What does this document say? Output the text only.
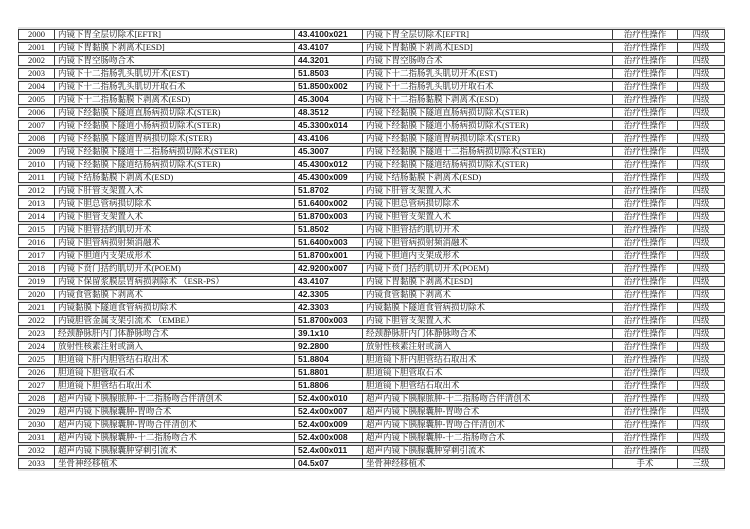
2000	内镜下胃全层切除术[EFTR]	43.4100x021	内镜下胃全层切除术[EFTR]	治疗性操作	四级
2001	内镜下胃黏膜下剥离术[ESD]	43.4107	内镜下胃黏膜下剥离术[ESD]	治疗性操作	四级
2002	内镜下胃空肠吻合术	44.3201	内镜下胃空肠吻合术	治疗性操作	四级
2003	内镜下十二指肠乳头肌切开术(EST)	51.8503	内镜下十二指肠乳头肌切开术(EST)	治疗性操作	四级
2004	内镜下十二指肠乳头肌切开取石术	51.8500x002	内镜下十二指肠乳头肌切开取石术	治疗性操作	四级
2005	内镜下十二指肠黏膜下剥离术(ESD)	45.3004	内镜下十二指肠黏膜下剥离术(ESD)	治疗性操作	四级
2006	内镜下经黏膜下隧道直肠病损切除术(STER)	48.3512	内镜下经黏膜下隧道直肠病损切除术(STER)	治疗性操作	四级
2007	内镜下经黏膜下隧道小肠病损切除术(STER)	45.3300x014	内镜下经黏膜下隧道小肠病损切除术(STER)	治疗性操作	四级
2008	内镜下经黏膜下隧道胃病损切除术(STER)	43.4106	内镜下经黏膜下隧道胃病损切除术(STER)	治疗性操作	四级
2009	内镜下经黏膜下隧道十二指肠病损切除术(STER)	45.3007	内镜下经黏膜下隧道十二指肠病损切除术(STER)	治疗性操作	四级
2010	内镜下经黏膜下隧道结肠病损切除术(STER)	45.4300x012	内镜下经黏膜下隧道结肠病损切除术(STER)	治疗性操作	四级
2011	内镜下结肠黏膜下剥离术(ESD)	45.4300x009	内镜下结肠黏膜下剥离术(ESD)	治疗性操作	四级
2012	内镜下肝管支架置入术	51.8702	内镜下肝管支架置入术	治疗性操作	四级
2013	内镜下胆总管病损切除术	51.6400x002	内镜下胆总管病损切除术	治疗性操作	四级
2014	内镜下胆管支架置入术	51.8700x003	内镜下胆管支架置入术	治疗性操作	四级
2015	内镜下胆管括约肌切开术	51.8502	内镜下胆管括约肌切开术	治疗性操作	四级
2016	内镜下胆管病损射频消融术	51.6400x003	内镜下胆管病损射频消融术	治疗性操作	四级
2017	内镜下胆道内支架成形术	51.8700x001	内镜下胆道内支架成形术	治疗性操作	四级
2018	内镜下贲门括约肌切开术(POEM)	42.9200x007	内镜下贲门括约肌切开术(POEM)	治疗性操作	四级
2019	内镜下保留浆膜层胃病损剥除术 （ESR-PS）	43.4107	内镜下胃黏膜下剥离术[ESD]	治疗性操作	四级
2020	内镜食管黏膜下剥离术	42.3305	内镜食管黏膜下剥离术	治疗性操作	四级
2021	内镜黏膜下隧道食管病损切除术	42.3303	内镜黏膜下隧道食管病损切除术	治疗性操作	四级
2022	内镜胆管金属支架引流术 （EMBE）	51.8700x003	内镜下胆管支架置入术	治疗性操作	四级
2023	经颈静脉肝内门体静脉吻合术	39.1x10	经颈静脉肝内门体静脉吻合术	治疗性操作	四级
2024	放射性核素注射或滴入	92.2800	放射性核素注射或滴入	治疗性操作	四级
2025	胆道镜下肝内胆管结石取出术	51.8804	胆道镜下肝内胆管结石取出术	治疗性操作	四级
2026	胆道镜下胆管取石术	51.8801	胆道镜下胆管取石术	治疗性操作	四级
2027	胆道镜下胆管结石取出术	51.8806	胆道镜下胆管结石取出术	治疗性操作	四级
2028	超声内镜下胰腺脓肿-十二指肠吻合伴清创术	52.4x00x010	超声内镜下胰腺脓肿-十二指肠吻合伴清创术	治疗性操作	四级
2029	超声内镜下胰腺囊肿-胃吻合术	52.4x00x007	超声内镜下胰腺囊肿-胃吻合术	治疗性操作	四级
2030	超声内镜下胰腺囊肿-胃吻合伴清创术	52.4x00x009	超声内镜下胰腺囊肿-胃吻合伴清创术	治疗性操作	四级
2031	超声内镜下胰腺囊肿-十二指肠吻合术	52.4x00x008	超声内镜下胰腺囊肿-十二指肠吻合术	治疗性操作	四级
2032	超声内镜下胰腺囊肿穿刺引流术	52.4x00x011	超声内镜下胰腺囊肿穿刺引流术	治疗性操作	四级
2033	坐骨神经移植术	04.5x07	坐骨神经移植术	手术	三级
